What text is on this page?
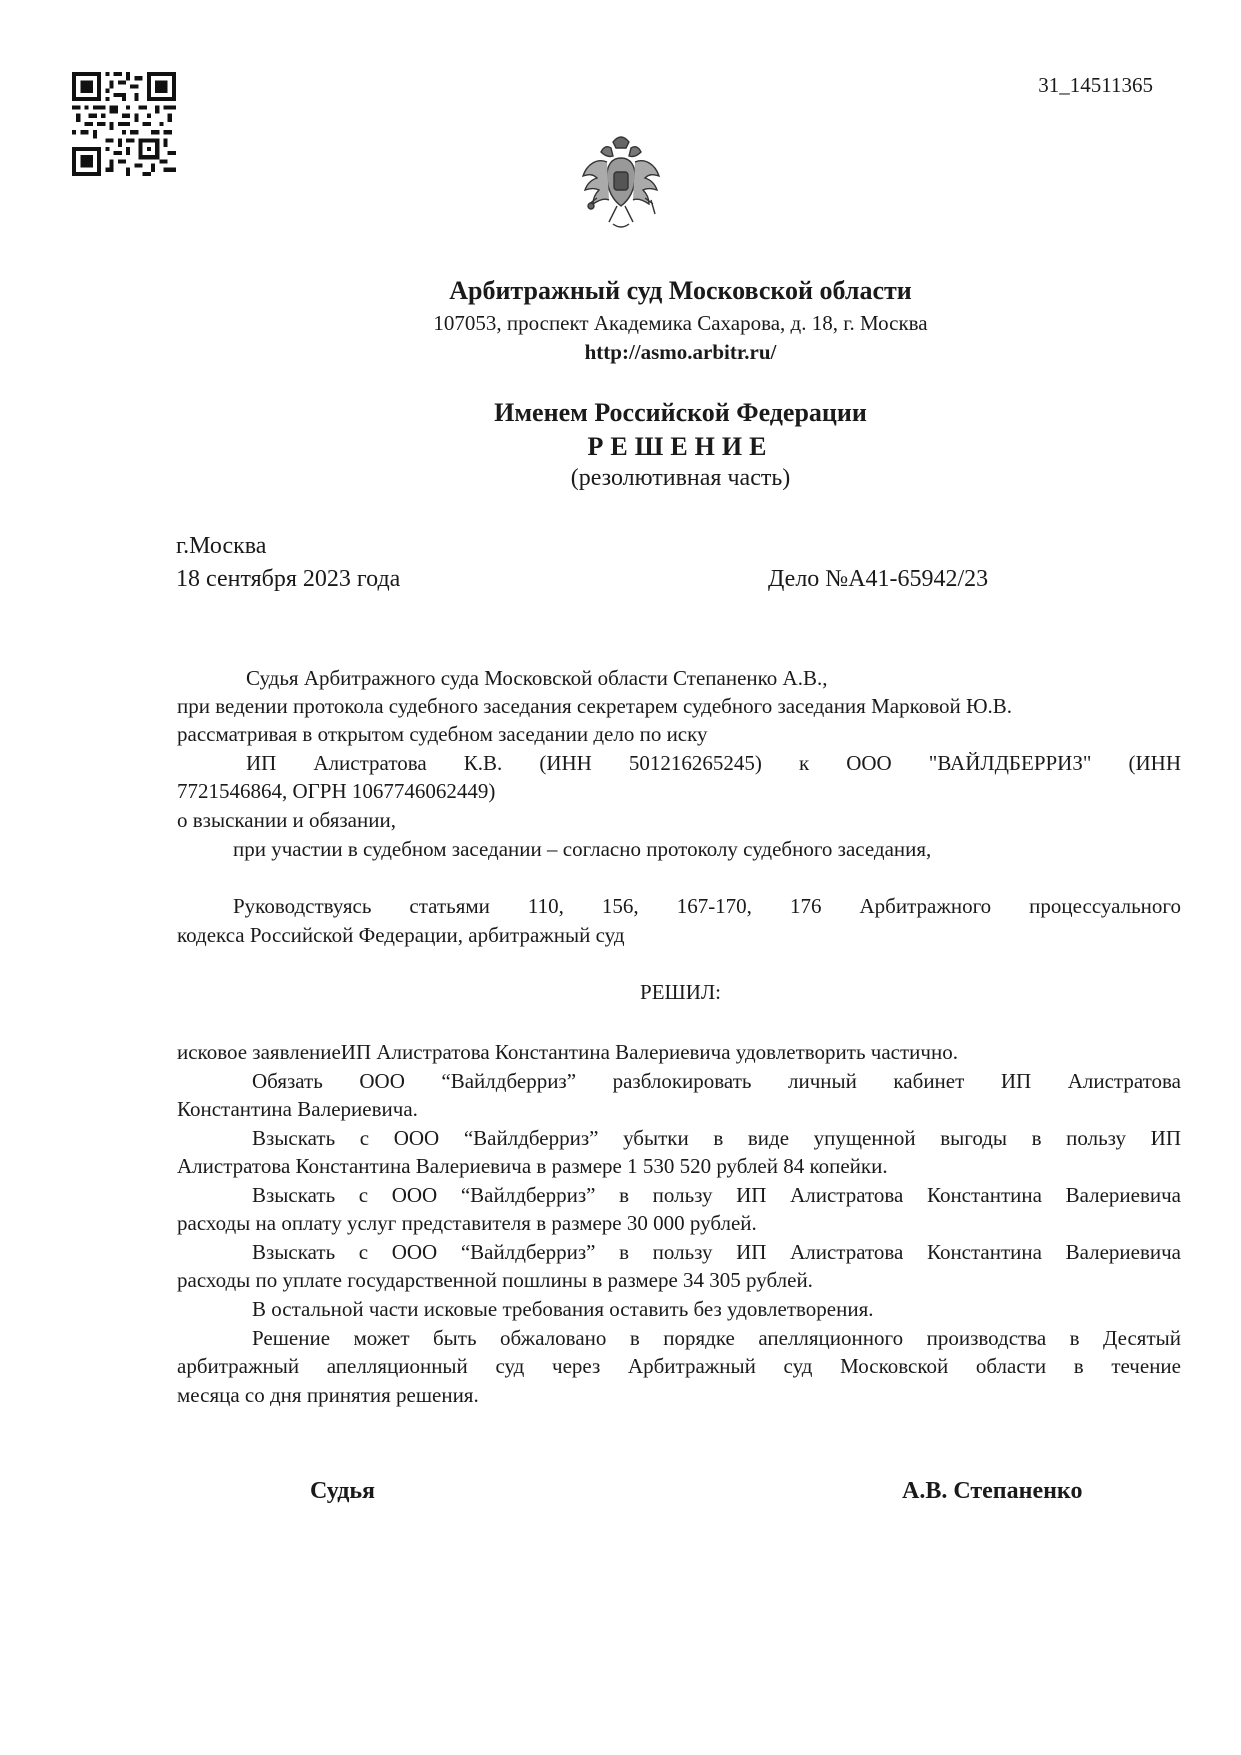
31_14511365
Арбитражный суд Московской области
107053, проспект Академика Сахарова, д. 18, г. Москва
http://asmo.arbitr.ru/
Именем Российской Федерации
РЕШЕНИЕ
(резолютивная часть)
г.Москва
18 сентября 2023 года	Дело №А41-65942/23
Судья Арбитражного суда Московской области Степаненко А.В.,
при ведении протокола судебного заседания секретарем судебного заседания Марковой Ю.В.
рассматривая в открытом судебном заседании дело по иску
ИП Алистратова К.В. (ИНН 501216265245) к ООО "ВАЙЛДБЕРРИЗ" (ИНН
7721546864, ОГРН 1067746062449)
о взыскании и обязании,
при участии в судебном заседании – согласно протоколу судебного заседания,
Руководствуясь статьями 110, 156, 167-170, 176 Арбитражного процессуального
кодекса Российской Федерации, арбитражный суд
РЕШИЛ:
исковое заявлениеИП Алистратова Константина Валериевича удовлетворить частично.
Обязать ООО “Вайлдберриз” разблокировать личный кабинет ИП Алистратова
Константина Валериевича.
Взыскать с ООО “Вайлдберриз” убытки в виде упущенной выгоды в пользу ИП
Алистратова Константина Валериевича в размере 1 530 520 рублей 84 копейки.
Взыскать с ООО “Вайлдберриз” в пользу ИП Алистратова Константина Валериевича
расходы на оплату услуг представителя в размере 30 000 рублей.
Взыскать с ООО “Вайлдберриз” в пользу ИП Алистратова Константина Валериевича
расходы по уплате государственной пошлины в размере 34 305 рублей.
В остальной части исковые требования оставить без удовлетворения.
Решение может быть обжаловано в порядке апелляционного производства в Десятый
арбитражный апелляционный суд через Арбитражный суд Московской области в течение
месяца со дня принятия решения.
Судья	А.В. Степаненко
